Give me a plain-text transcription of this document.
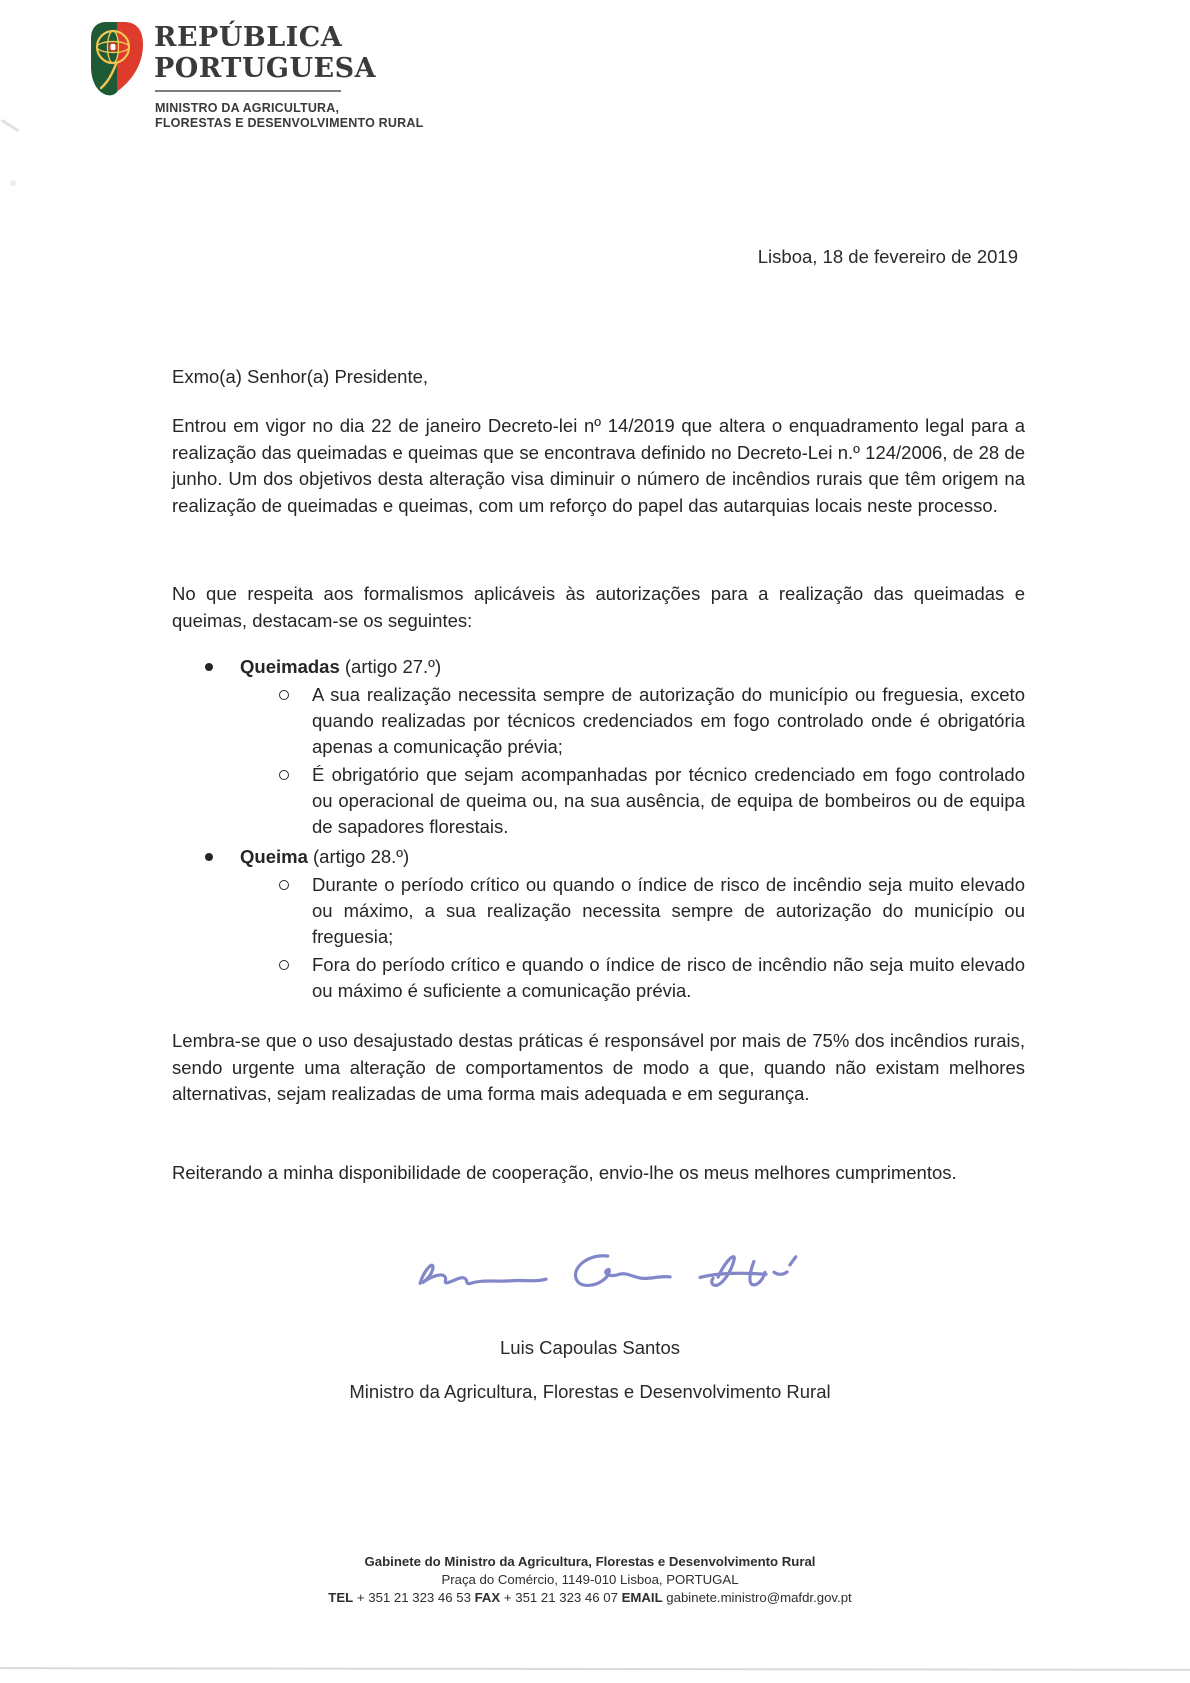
REPÚBLICA
PORTUGUESA
MINISTRO DA AGRICULTURA,
FLORESTAS E DESENVOLVIMENTO RURAL
Lisboa, 18 de fevereiro de 2019
Exmo(a) Senhor(a) Presidente,
Entrou em vigor no dia 22 de janeiro Decreto-lei nº 14/2019 que altera o enquadramento legal para a realização das queimadas e queimas que se encontrava definido no Decreto-Lei n.º 124/2006, de 28 de junho. Um dos objetivos desta alteração visa diminuir o número de incêndios rurais que têm origem na realização de queimadas e queimas, com um reforço do papel das autarquias locais neste processo.
No que respeita aos formalismos aplicáveis às autorizações para a realização das queimadas e queimas, destacam-se os seguintes:
Queimadas (artigo 27.º)
A sua realização necessita sempre de autorização do município ou freguesia, exceto quando realizadas por técnicos credenciados em fogo controlado onde é obrigatória apenas a comunicação prévia;
É obrigatório que sejam acompanhadas por técnico credenciado em fogo controlado ou operacional de queima ou, na sua ausência, de equipa de bombeiros ou de equipa de sapadores florestais.
Queima (artigo 28.º)
Durante o período crítico ou quando o índice de risco de incêndio seja muito elevado ou máximo, a sua realização necessita sempre de autorização do município ou freguesia;
Fora do período crítico e quando o índice de risco de incêndio não seja muito elevado ou máximo é suficiente a comunicação prévia.
Lembra-se que o uso desajustado destas práticas é responsável por mais de 75% dos incêndios rurais, sendo urgente uma alteração de comportamentos de modo a que, quando não existam melhores alternativas, sejam realizadas de uma forma mais adequada e em segurança.
Reiterando a minha disponibilidade de cooperação, envio-lhe os meus melhores cumprimentos.
Luis Capoulas Santos
Ministro da Agricultura, Florestas e Desenvolvimento Rural
Gabinete do Ministro da Agricultura, Florestas e Desenvolvimento Rural
Praça do Comércio, 1149-010 Lisboa, PORTUGAL
TEL + 351 21 323 46 53 FAX + 351 21 323 46 07 EMAIL gabinete.ministro@mafdr.gov.pt
